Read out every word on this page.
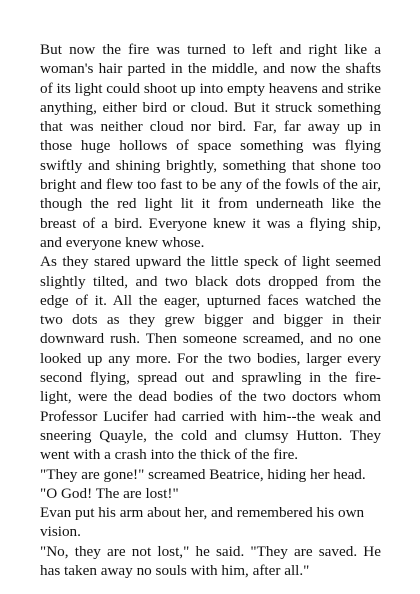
But now the fire was turned to left and right like a woman's hair parted in the middle, and now the shafts of its light could shoot up into empty heavens and strike anything, either bird or cloud. But it struck something that was neither cloud nor bird. Far, far away up in those huge hollows of space something was flying swiftly and shining brightly, something that shone too bright and flew too fast to be any of the fowls of the air, though the red light lit it from underneath like the breast of a bird. Everyone knew it was a flying ship, and everyone knew whose.

As they stared upward the little speck of light seemed slightly tilted, and two black dots dropped from the edge of it. All the eager, upturned faces watched the two dots as they grew bigger and bigger in their downward rush. Then someone screamed, and no one looked up any more. For the two bodies, larger every second flying, spread out and sprawling in the fire-light, were the dead bodies of the two doctors whom Professor Lucifer had carried with him--the weak and sneering Quayle, the cold and clumsy Hutton. They went with a crash into the thick of the fire.

"They are gone!" screamed Beatrice, hiding her head. "O God! The are lost!"

Evan put his arm about her, and remembered his own vision.

"No, they are not lost," he said. "They are saved. He has taken away no souls with him, after all."
